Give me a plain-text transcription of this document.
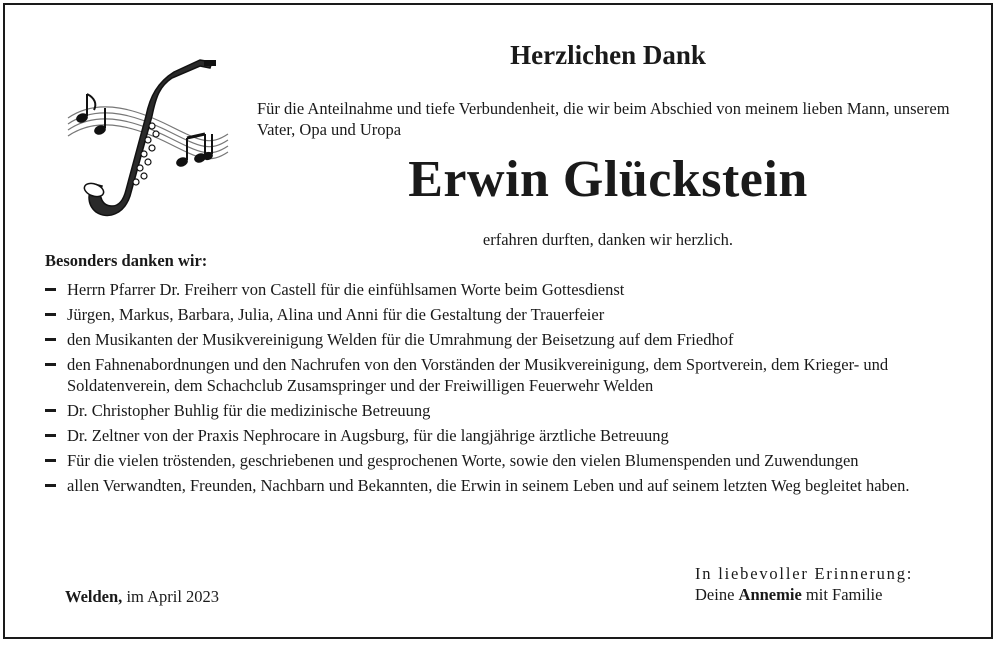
Herzlichen Dank
Für die Anteilnahme und tiefe Verbundenheit, die wir beim Abschied von meinem lieben Mann, unserem Vater, Opa und Uropa
Erwin Glückstein
erfahren durften, danken wir herzlich.
Besonders danken wir:
Herrn Pfarrer Dr. Freiherr von Castell für die einfühlsamen Worte beim Gottesdienst
Jürgen, Markus, Barbara, Julia, Alina und Anni für die Gestaltung der Trauerfeier
den Musikanten der Musikvereinigung Welden für die Umrahmung der Beisetzung auf dem Friedhof
den Fahnenabordnungen und den Nachrufen von den Vorständen der Musikvereinigung, dem Sportverein, dem Krieger- und Soldatenverein, dem Schachclub Zusamspringer und der Freiwilligen Feuerwehr Welden
Dr. Christopher Buhlig für die medizinische Betreuung
Dr. Zeltner von der Praxis Nephrocare in Augsburg, für die langjährige ärztliche Betreuung
Für die vielen tröstenden, geschriebenen und gesprochenen Worte, sowie den vielen Blumenspenden und Zuwendungen
allen Verwandten, Freunden, Nachbarn und Bekannten, die Erwin in seinem Leben und auf seinem letzten Weg begleitet haben.
Welden, im April 2023
In liebevoller Erinnerung:
Deine Annemie mit Familie
